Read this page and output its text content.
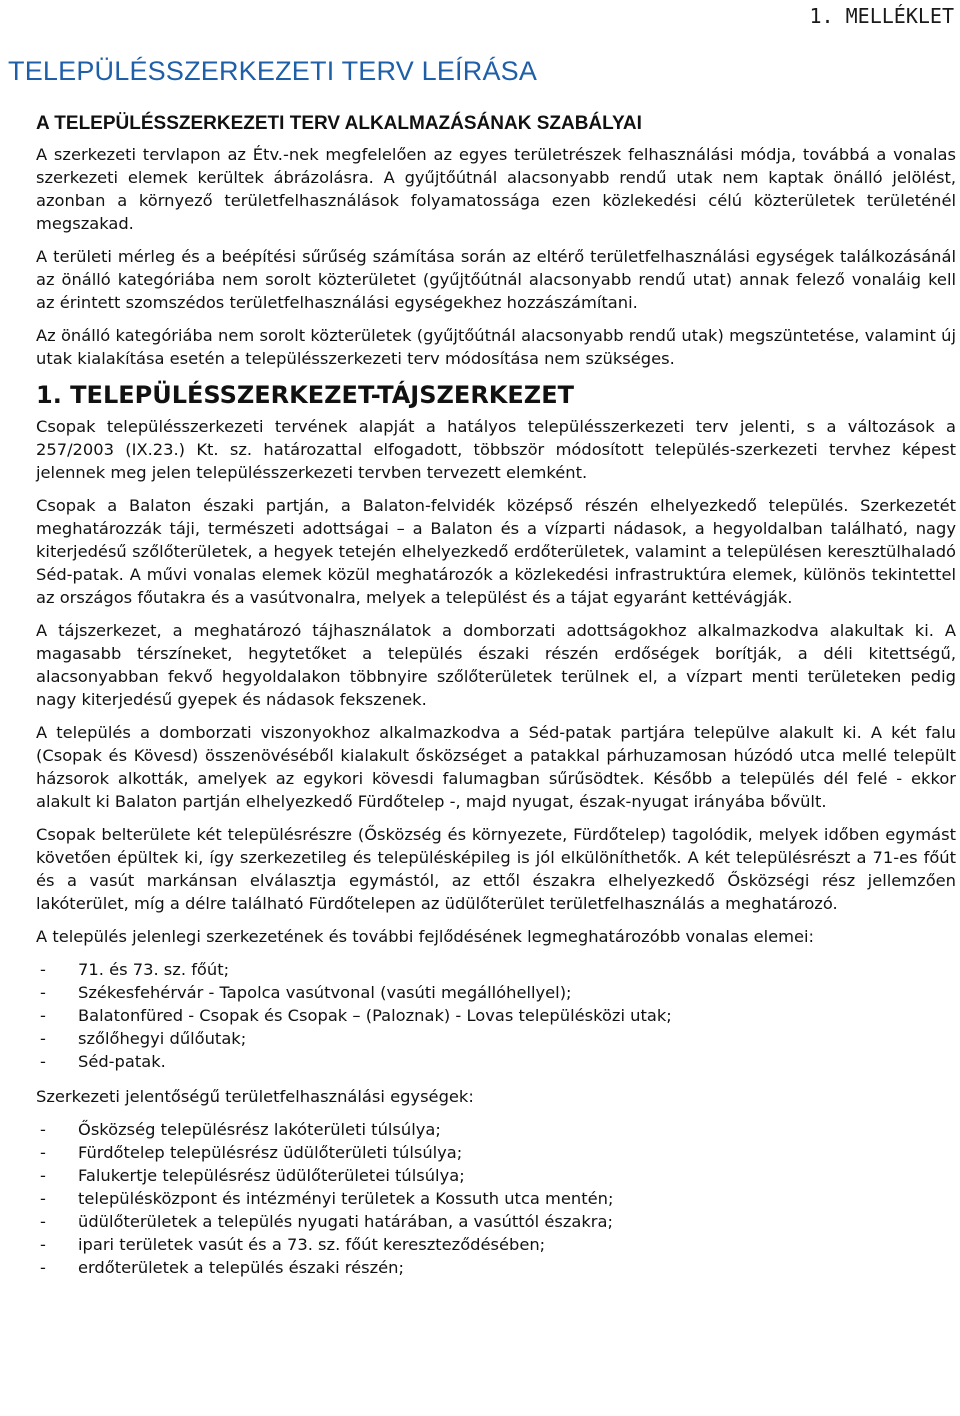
1. MELLÉKLET
TELEPÜLÉSSZERKEZETI TERV LEÍRÁSA
A TELEPÜLÉSSZERKEZETI TERV ALKALMAZÁSÁNAK SZABÁLYAI

A szerkezeti tervlapon az Étv.-nek megfelelően az egyes területrészek felhasználási módja, továbbá a vonalas szerkezeti elemek kerültek ábrázolásra. A gyűjtőútnál alacsonyabb rendű utak nem kaptak önálló jelölést, azonban a környező területfelhasználások folyamatossága ezen közlekedési célú közterületek területénél megszakad.

A területi mérleg és a beépítési sűrűség számítása során az eltérő területfelhasználási egységek találkozásánál az önálló kategóriába nem sorolt közterületet (gyűjtőútnál alacsonyabb rendű utat) annak felező vonaláig kell az érintett szomszédos területfelhasználási egységekhez hozzászámítani.

Az önálló kategóriába nem sorolt közterületek (gyűjtőútnál alacsonyabb rendű utak) megszüntetése, valamint új utak kialakítása esetén a településszerkezeti terv módosítása nem szükséges.

1. TELEPÜLÉSSZERKEZET-TÁJSZERKEZET

Csopak településszerkezeti tervének alapját a hatályos településszerkezeti terv jelenti, s a változások a 257/2003 (IX.23.) Kt. sz. határozattal elfogadott, többször módosított település-szerkezeti tervhez képest jelennek meg jelen településszerkezeti tervben tervezett elemként.

Csopak a Balaton északi partján, a Balaton-felvidék középső részén elhelyezkedő település. Szerkezetét meghatározzák táji, természeti adottságai – a Balaton és a vízparti nádasok, a hegyoldalban található, nagy kiterjedésű szőlőterületek, a hegyek tetején elhelyezkedő erdőterületek, valamint a településen keresztülhaladó Séd-patak. A művi vonalas elemek közül meghatározók a közlekedési infrastruktúra elemek, különös tekintettel az országos főutakra és a vasútvonalra, melyek a települést és a tájat egyaránt kettévágják.

A tájszerkezet, a meghatározó tájhasználatok a domborzati adottságokhoz alkalmazkodva alakultak ki. A magasabb térszíneket, hegytetőket a település északi részén erdőségek borítják, a déli kitettségű, alacsonyabban fekvő hegyoldalakon többnyire szőlőterületek terülnek el, a vízpart menti területeken pedig nagy kiterjedésű gyepek és nádasok fekszenek.

A település a domborzati viszonyokhoz alkalmazkodva a Séd-patak partjára települve alakult ki. A két falu (Csopak és Kövesd) összenövéséből kialakult ősközséget a patakkal párhuzamosan húzódó utca mellé települt házsorok alkották, amelyek az egykori kövesdi falumagban sűrűsödtek. Később a település dél felé - ekkor alakult ki Balaton partján elhelyezkedő Fürdőtelep -, majd nyugat, észak-nyugat irányába bővült.

Csopak belterülete két településrészre (Ősközség és környezete, Fürdőtelep) tagolódik, melyek időben egymást követően épültek ki, így szerkezetileg és településképileg is jól elkülöníthetők. A két településrészt a 71-es főút és a vasút markánsan elválasztja egymástól, az ettől északra elhelyezkedő Ősközségi rész jellemzően lakóterület, míg a délre található Fürdőtelepen az üdülőterület területfelhasználás a meghatározó.

A település jelenlegi szerkezetének és további fejlődésének legmeghatározóbb vonalas elemei:

- 71. és 73. sz. főút;
- Székesfehérvár - Tapolca vasútvonal (vasúti megállóhellyel);
- Balatonfüred - Csopak és Csopak – (Paloznak) - Lovas településközi utak;
- szőlőhegyi dűlőutak;
- Séd-patak.

Szerkezeti jelentőségű területfelhasználási egységek:

- Ősközség településrész lakóterületi túlsúlya;
- Fürdőtelep településrész üdülőterületi túlsúlya;
- Falukertje településrész üdülőterületei túlsúlya;
- településközpont és intézményi területek a Kossuth utca mentén;
- üdülőterületek a település nyugati határában, a vasúttól északra;
- ipari területek vasút és a 73. sz. főút kereszteződésében;
- erdőterületek a település északi részén;
